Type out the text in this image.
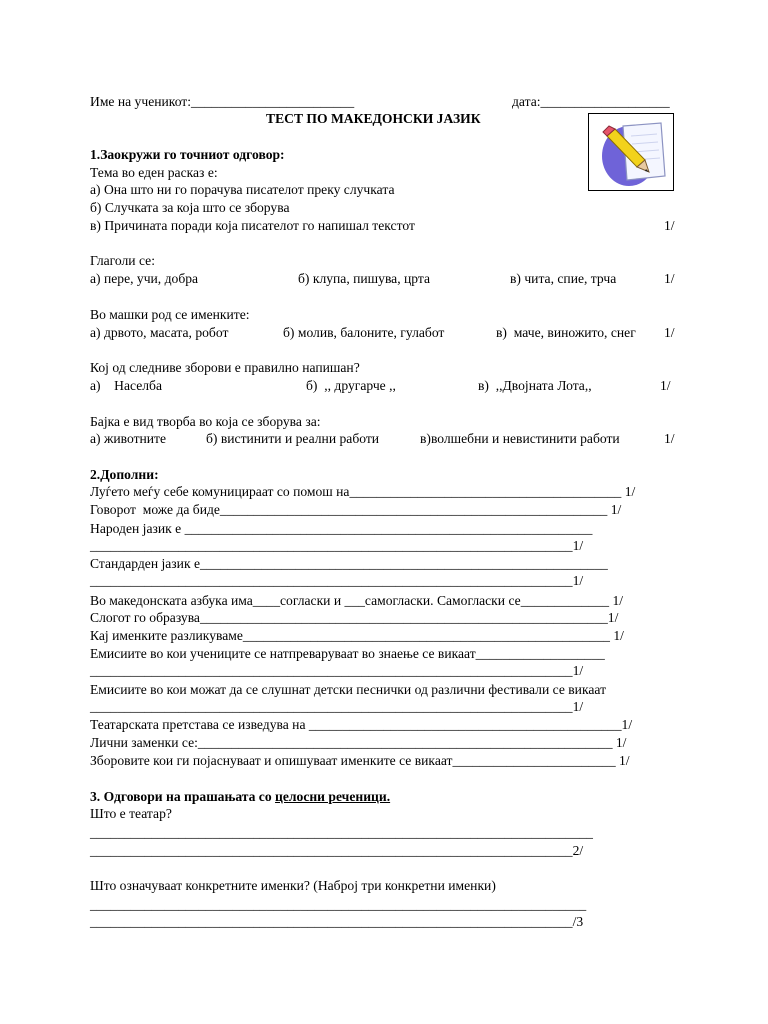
Име на ученикот:________________________	дата:___________________
ТЕСТ ПО МАКЕДОНСКИ ЈАЗИК
1.Заокружи го точниот одговор:
Тема во еден расказ е:
а) Она што ни го порачува писателот преку случката
б) Случката за која што се зборува
в) Причината поради која писателот го напишал текстот	1/
Глаголи се:
а) пере, учи, добра	б) клупа, пишува, црта	в) чита, спие, трча	1/
Во машки род се именките:
а) дрвото, масата, робот	б) молив, балоните, гулабот	в)  маче, виножито, снег 1/
Кој од следниве зборови е правилно напишан?
а)    Населба	б)  ,, другарче ,,	в)  ,,Двојната Лота,,	1/
Бајка е вид творба во која се зборува за:
а) животните	б) вистинити и реални работи	в)волшебни и невистинити работи	1/
2.Дополни:
Луѓето меѓу себе комуницираат со помош на________________________________________ 1/
Говорот  може да биде_________________________________________________________ 1/
Народен јазик е ____________________________________________________________
_______________________________________________________________________1/
Стандарден јазик е____________________________________________________________
_______________________________________________________________________1/
Во македонската азбука има____согласки и ___самогласки. Самогласки се_____________ 1/
Слогот го образува____________________________________________________________1/
Кај именките разликуваме______________________________________________________ 1/
Емисиите во кои учениците се натпреваруваат во знаење се викаат___________________
_______________________________________________________________________1/
Емисиите во кои можат да се слушнат детски песнички од различни фестивали се викаат
_______________________________________________________________________1/
Театарската претстава се изведува на ______________________________________________1/
Лични заменки се:_____________________________________________________________ 1/
Зборовите кои ги појаснуваат и опишуваат именките се викаат________________________ 1/
3. Одговори на прашањата со целосни реченици.
Што е театар?
__________________________________________________________________________
_______________________________________________________________________2/
Што означуваат конкретните именки? (Наброј три конкретни именки)
_________________________________________________________________________
_______________________________________________________________________/3
